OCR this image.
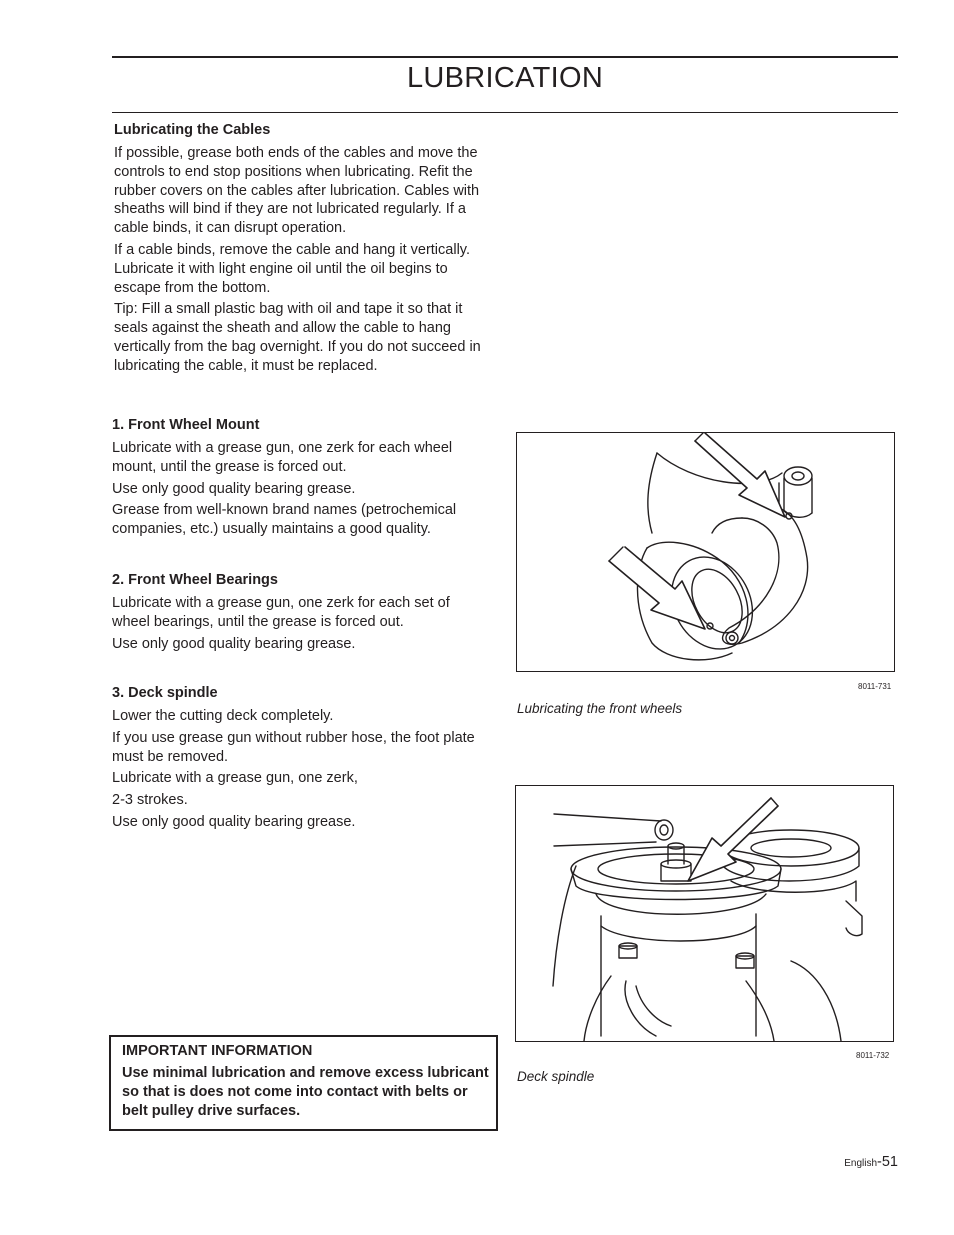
LUBRICATION
Lubricating the Cables

If possible, grease both ends of the cables and move the controls to end stop positions when lubricating. Refit the rubber covers on the cables after lubrication. Cables with sheaths will bind if they are not lubricated regularly. If a cable binds, it can disrupt operation.

If a cable binds, remove the cable and hang it vertically. Lubricate it with light engine oil until the oil begins to escape from the bottom.

Tip: Fill a small plastic bag with oil and tape it so that it seals against the sheath and allow the cable to hang vertically from the bag overnight. If you do not succeed in lubricating the cable, it must be replaced.

1. Front Wheel Mount

Lubricate with a grease gun, one zerk for each wheel mount, until the grease is forced out.

Use only good quality bearing grease.

Grease from well-known brand names (petrochemical companies, etc.) usually maintains a good quality.

2. Front Wheel Bearings

Lubricate with a grease gun, one zerk for each set of wheel bearings, until the grease is forced out.

Use only good quality bearing grease.

3. Deck spindle

Lower the cutting deck completely.

If you use grease gun without rubber hose, the foot plate must be removed.

Lubricate with a grease gun, one zerk,

2-3 strokes.

Use only good quality bearing grease.

IMPORTANT INFORMATION

Use minimal lubrication and remove excess lubricant so that is does not come into contact with belts or belt pulley drive surfaces.

8011-731
Lubricating the front wheels
8011-732
Deck spindle
English-51
